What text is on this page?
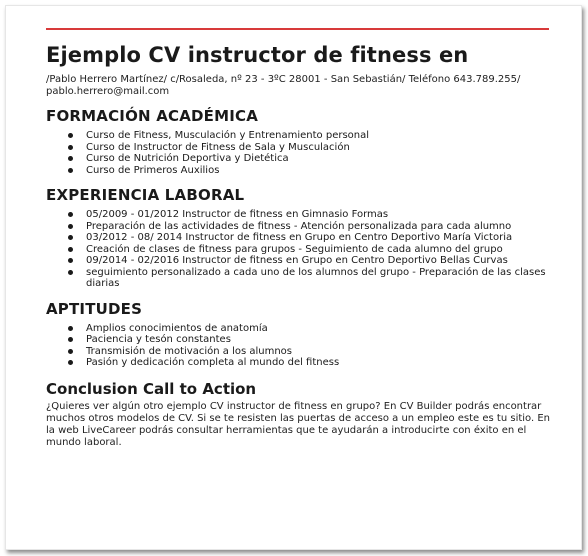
Ejemplo CV instructor de fitness en

/Pablo Herrero Martínez/ c/Rosaleda, nº 23 - 3ºC 28001 - San Sebastián/ Teléfono 643.789.255/ pablo.herrero@mail.com

FORMACIÓN ACADÉMICA
Curso de Fitness, Musculación y Entrenamiento personal
Curso de Instructor de Fitness de Sala y Musculación
Curso de Nutrición Deportiva y Dietética
Curso de Primeros Auxilios
EXPERIENCIA LABORAL
05/2009 - 01/2012 Instructor de fitness en Gimnasio Formas
Preparación de las actividades de fitness - Atención personalizada para cada alumno
03/2012 - 08/ 2014 Instructor de fitness en Grupo en Centro Deportivo María Victoria
Creación de clases de fitness para grupos - Seguimiento de cada alumno del grupo
09/2014 - 02/2016 Instructor de fitness en Grupo en Centro Deportivo Bellas Curvas
seguimiento personalizado a cada uno de los alumnos del grupo - Preparación de las clases diarias
APTITUDES
Amplios conocimientos de anatomía
Paciencia y tesón constantes
Transmisión de motivación a los alumnos
Pasión y dedicación completa al mundo del fitness
Conclusion Call to Action

¿Quieres ver algún otro ejemplo CV instructor de fitness en grupo? En CV Builder podrás encontrar muchos otros modelos de CV. Si se te resisten las puertas de acceso a un empleo este es tu sitio. En la web LiveCareer podrás consultar herramientas que te ayudarán a introducirte con éxito en el mundo laboral.
